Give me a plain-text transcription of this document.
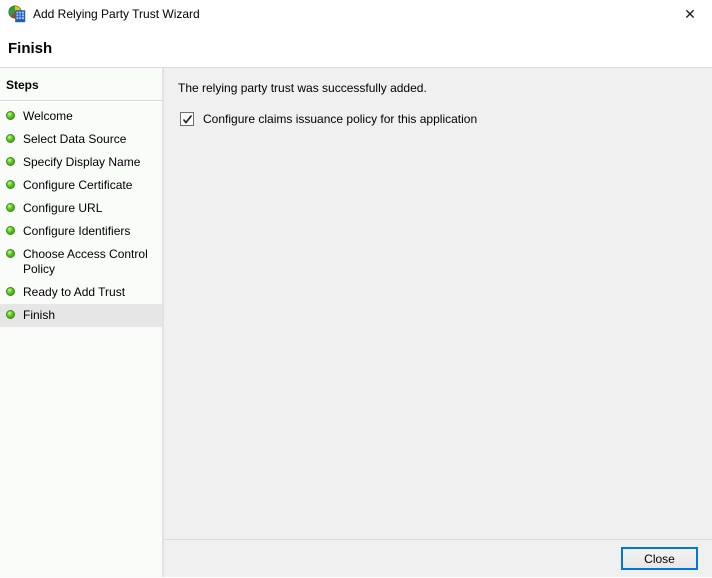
Add Relying Party Trust Wizard	✕
Finish
Steps
Welcome
Select Data Source
Specify Display Name
Configure Certificate
Configure URL
Configure Identifiers
Choose Access Control Policy
Ready to Add Trust
Finish
The relying party trust was successfully added.
Configure claims issuance policy for this application
Close
